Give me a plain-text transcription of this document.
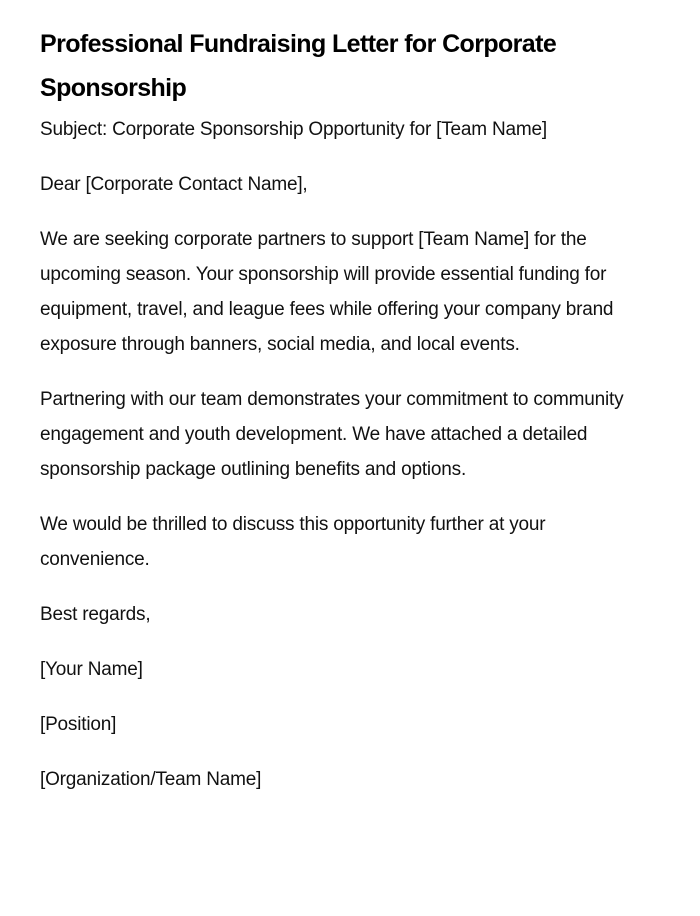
Professional Fundraising Letter for Corporate Sponsorship

Subject: Corporate Sponsorship Opportunity for [Team Name]

Dear [Corporate Contact Name],

We are seeking corporate partners to support [Team Name] for the upcoming season. Your sponsorship will provide essential funding for equipment, travel, and league fees while offering your company brand exposure through banners, social media, and local events.

Partnering with our team demonstrates your commitment to community engagement and youth development. We have attached a detailed sponsorship package outlining benefits and options.

We would be thrilled to discuss this opportunity further at your convenience.

Best regards,

[Your Name]

[Position]

[Organization/Team Name]
